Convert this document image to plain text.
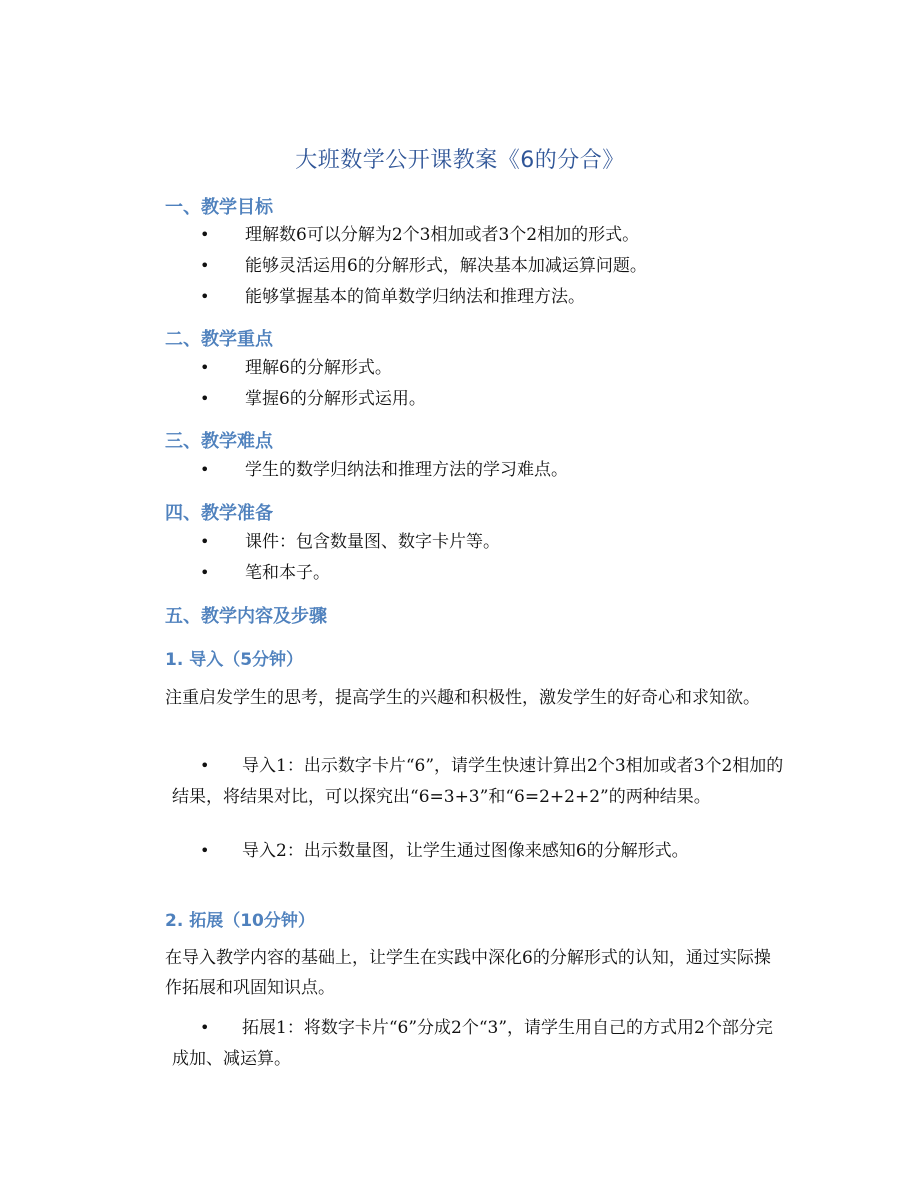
大班数学公开课教案《6的分合》
一、教学目标
• 理解数6可以分解为2个3相加或者3个2相加的形式。
• 能够灵活运用6的分解形式，解决基本加减运算问题。
• 能够掌握基本的简单数学归纳法和推理方法。
二、教学重点
• 理解6的分解形式。
• 掌握6的分解形式运用。
三、教学难点
• 学生的数学归纳法和推理方法的学习难点。
四、教学准备
• 课件：包含数量图、数字卡片等。
• 笔和本子。
五、教学内容及步骤
1. 导入（5分钟）

注重启发学生的思考，提高学生的兴趣和积极性，激发学生的好奇心和求知欲。

• 导入1：出示数字卡片“6”，请学生快速计算出2个3相加或者3个2相加的结果，将结果对比，可以探究出“6=3+3”和“6=2+2+2”的两种结果。

• 导入2：出示数量图，让学生通过图像来感知6的分解形式。

2. 拓展（10分钟）

在导入教学内容的基础上，让学生在实践中深化6的分解形式的认知，通过实际操作拓展和巩固知识点。

• 拓展1：将数字卡片“6”分成2个“3”，请学生用自己的方式用2个部分完成加、减运算。
